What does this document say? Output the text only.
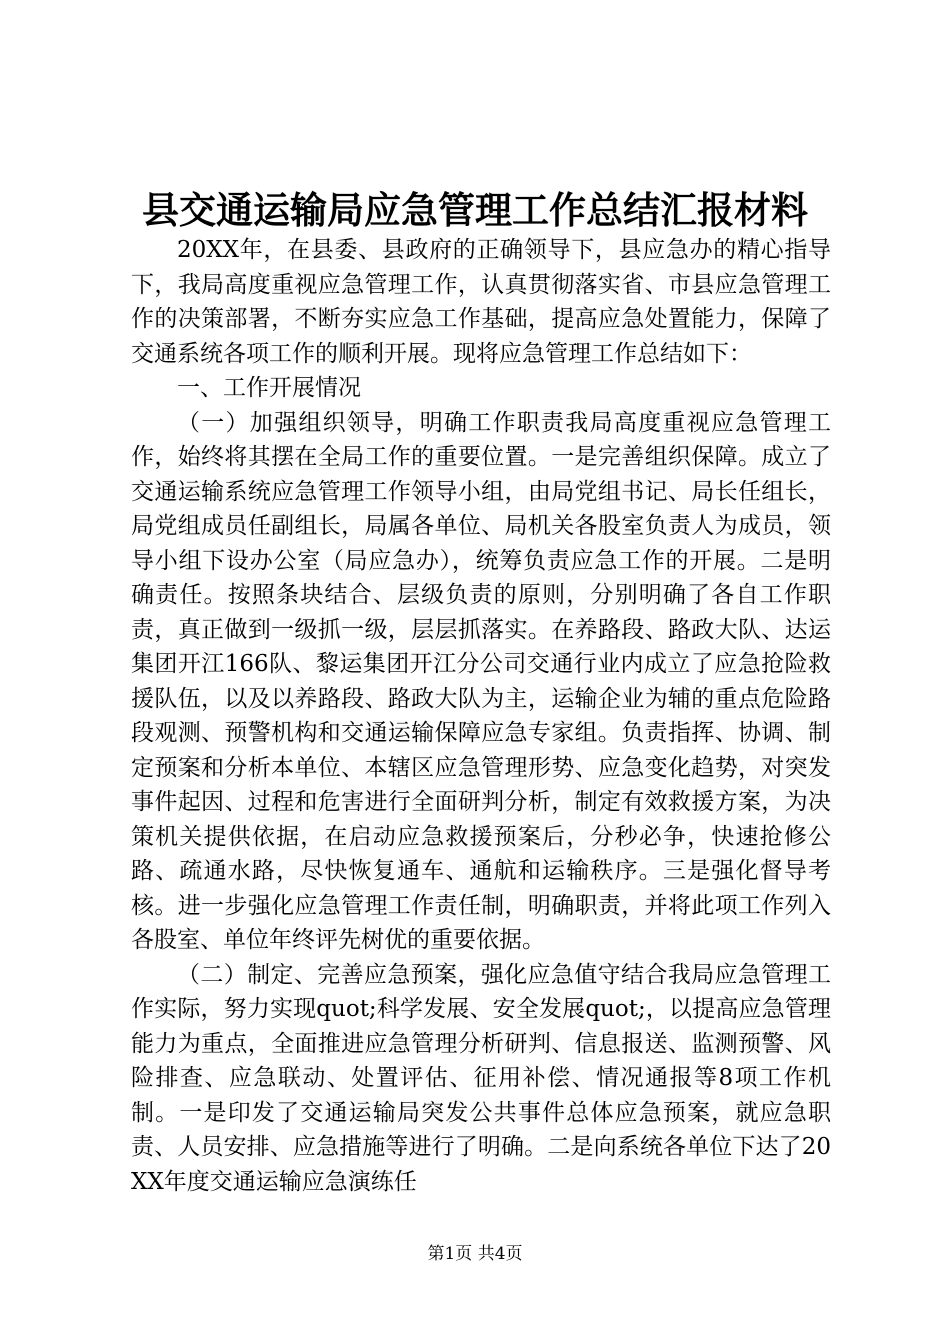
县交通运输局应急管理工作总结汇报材料

20XX年，在县委、县政府的正确领导下，县应急办的精心指导下，我局高度重视应急管理工作，认真贯彻落实省、市县应急管理工作的决策部署，不断夯实应急工作基础，提高应急处置能力，保障了交通系统各项工作的顺利开展。现将应急管理工作总结如下：

一、工作开展情况

（一）加强组织领导，明确工作职责我局高度重视应急管理工作，始终将其摆在全局工作的重要位置。一是完善组织保障。成立了交通运输系统应急管理工作领导小组，由局党组书记、局长任组长，局党组成员任副组长，局属各单位、局机关各股室负责人为成员，领导小组下设办公室（局应急办），统筹负责应急工作的开展。二是明确责任。按照条块结合、层级负责的原则，分别明确了各自工作职责，真正做到一级抓一级，层层抓落实。在养路段、路政大队、达运集团开江166队、黎运集团开江分公司交通行业内成立了应急抢险救援队伍，以及以养路段、路政大队为主，运输企业为辅的重点危险路段观测、预警机构和交通运输保障应急专家组。负责指挥、协调、制定预案和分析本单位、本辖区应急管理形势、应急变化趋势，对突发事件起因、过程和危害进行全面研判分析，制定有效救援方案，为决策机关提供依据，在启动应急救援预案后，分秒必争，快速抢修公路、疏通水路，尽快恢复通车、通航和运输秩序。三是强化督导考核。进一步强化应急管理工作责任制，明确职责，并将此项工作列入各股室、单位年终评先树优的重要依据。

（二）制定、完善应急预案，强化应急值守结合我局应急管理工作实际，努力实现quot;科学发展、安全发展quot;，以提高应急管理能力为重点，全面推进应急管理分析研判、信息报送、监测预警、风险排查、应急联动、处置评估、征用补偿、情况通报等8项工作机制。一是印发了交通运输局突发公共事件总体应急预案，就应急职责、人员安排、应急措施等进行了明确。二是向系统各单位下达了20XX年度交通运输应急演练任

第1页 共4页
